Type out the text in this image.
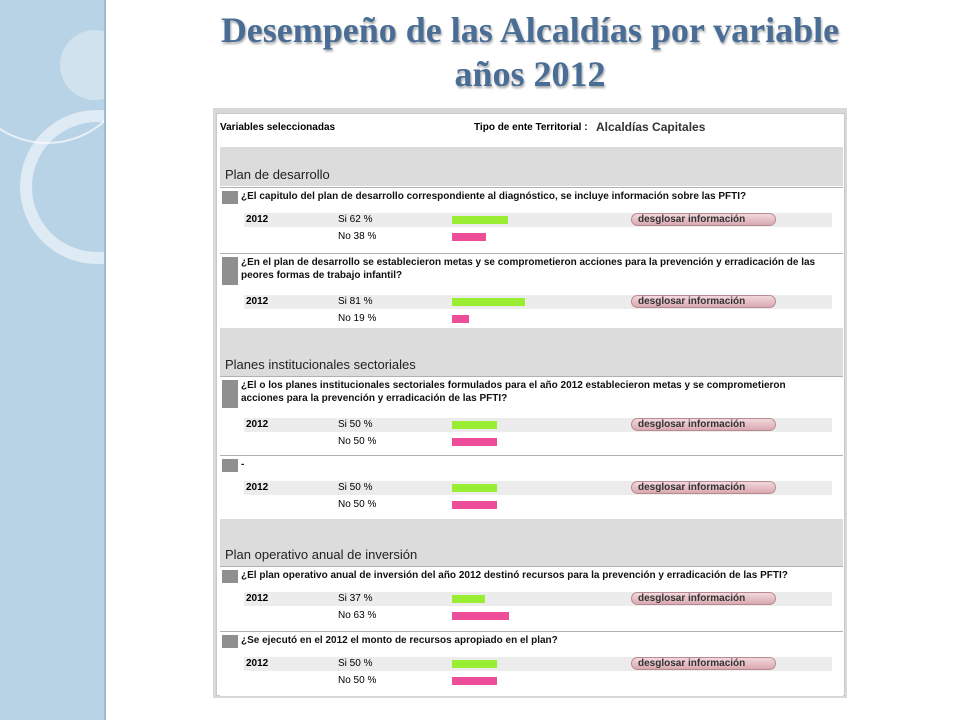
Desempeño de las Alcaldías por variable
años 2012
Variables seleccionadas	Tipo de ente Territorial : Alcaldías Capitales
Plan de desarrollo
¿El capitulo del plan de desarrollo correspondiente al diagnóstico, se incluye información sobre las PFTI?
2012	Si 62 %	desglosar información
No 38 %
¿En el plan de desarrollo se establecieron metas y se comprometieron acciones para la prevención y erradicación de las peores formas de trabajo infantil?
2012	Si 81 %	desglosar información
No 19 %
Planes institucionales sectoriales
¿El o los planes institucionales sectoriales formulados para el año 2012 establecieron metas y se comprometieron acciones para la prevención y erradicación de las PFTI?
2012	Si 50 %	desglosar información
No 50 %
-
2012	Si 50 %	desglosar información
No 50 %
Plan operativo anual de inversión
¿El plan operativo anual de inversión del año 2012 destinó recursos para la prevención y erradicación de las PFTI?
2012	Si 37 %	desglosar información
No 63 %
¿Se ejecutó en el 2012 el monto de recursos apropiado en el plan?
2012	Si 50 %	desglosar información
No 50 %
